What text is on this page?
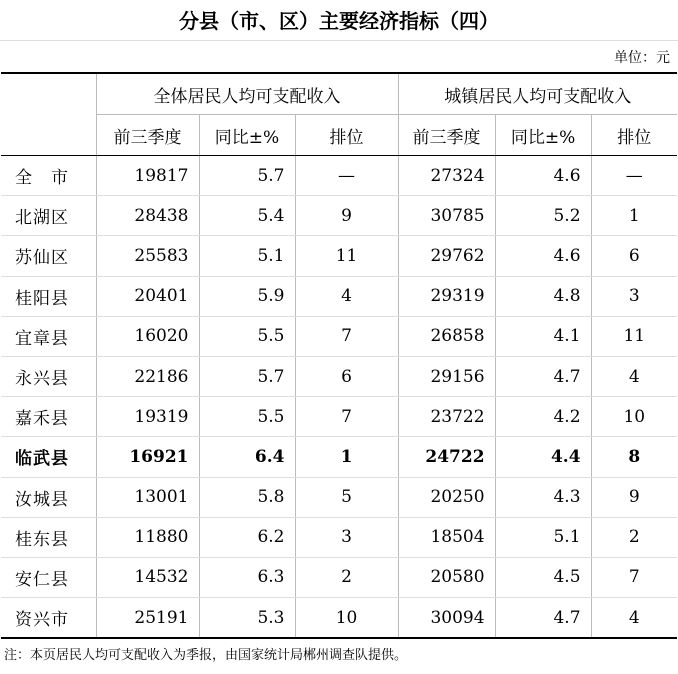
分县（市、区）主要经济指标（四）
单位：元
	全体居民人均可支配收入			城镇居民人均可支配收入		
	前三季度	同比±%	排位	前三季度	同比±%	排位
全　市	19817	5.7	—	27324	4.6	—
北湖区	28438	5.4	9	30785	5.2	1
苏仙区	25583	5.1	11	29762	4.6	6
桂阳县	20401	5.9	4	29319	4.8	3
宜章县	16020	5.5	7	26858	4.1	11
永兴县	22186	5.7	6	29156	4.7	4
嘉禾县	19319	5.5	7	23722	4.2	10
临武县	16921	6.4	1	24722	4.4	8
汝城县	13001	5.8	5	20250	4.3	9
桂东县	11880	6.2	3	18504	5.1	2
安仁县	14532	6.3	2	20580	4.5	7
资兴市	25191	5.3	10	30094	4.7	4
注：本页居民人均可支配收入为季报，由国家统计局郴州调查队提供。
